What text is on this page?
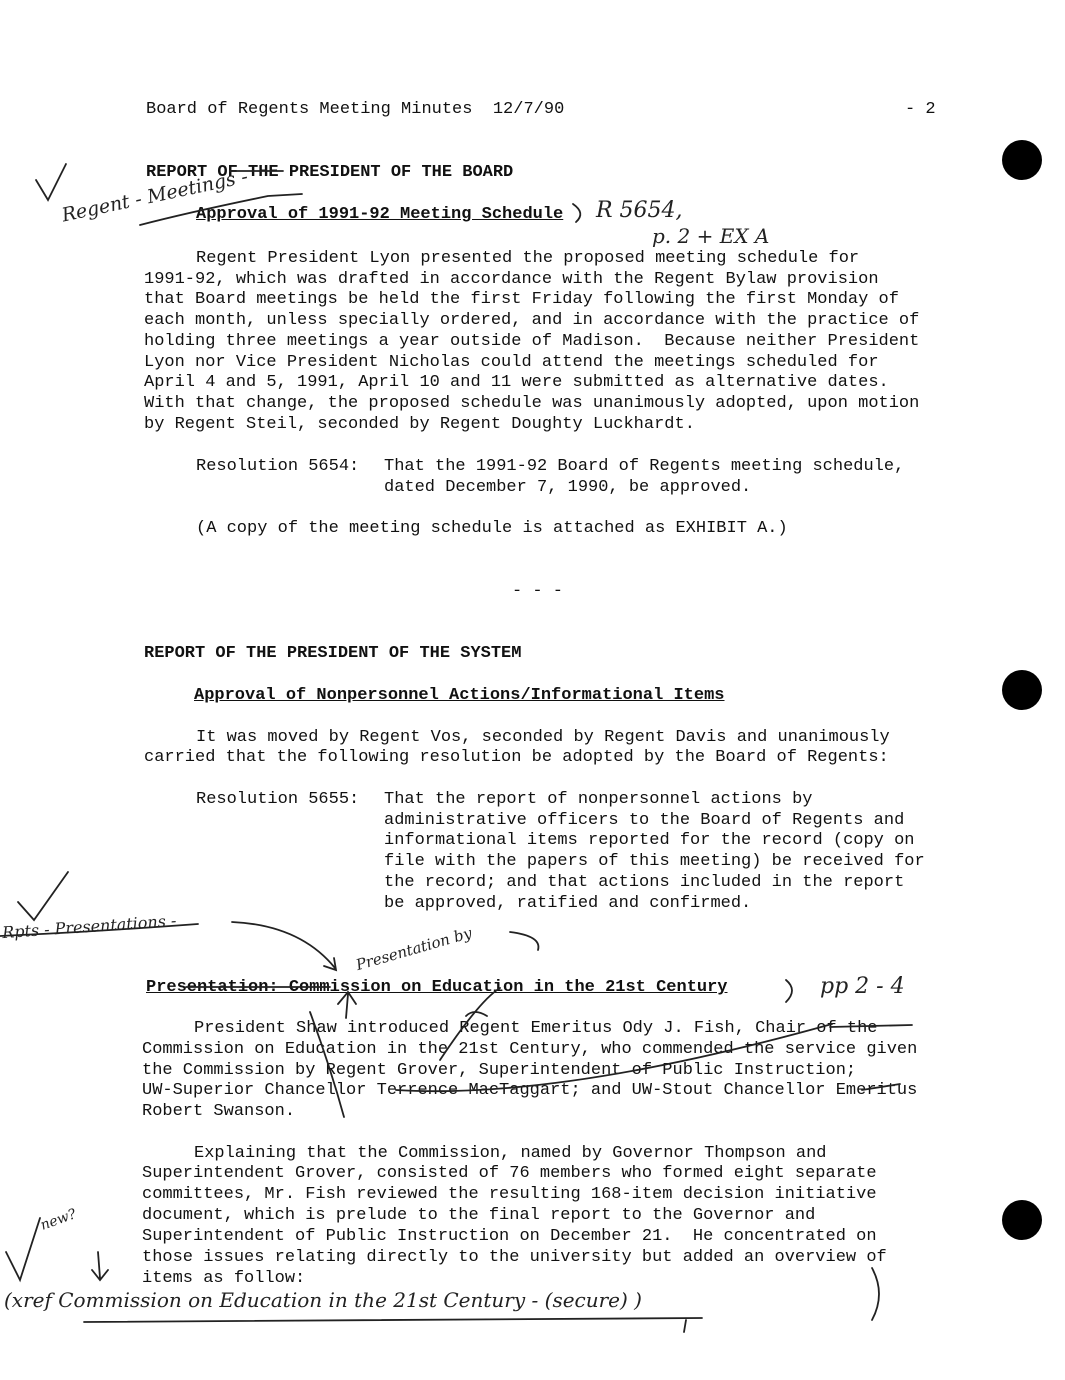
Board of Regents Meeting Minutes  12/7/90	- 2
REPORT OF THE PRESIDENT OF THE BOARD
Approval of 1991-92 Meeting Schedule
Regent President Lyon presented the proposed meeting schedule for
1991-92, which was drafted in accordance with the Regent Bylaw provision
that Board meetings be held the first Friday following the first Monday of
each month, unless specially ordered, and in accordance with the practice of
holding three meetings a year outside of Madison.  Because neither President
Lyon nor Vice President Nicholas could attend the meetings scheduled for
April 4 and 5, 1991, April 10 and 11 were submitted as alternative dates.
With that change, the proposed schedule was unanimously adopted, upon motion
by Regent Steil, seconded by Regent Doughty Luckhardt.
Resolution 5654: That the 1991-92 Board of Regents meeting schedule,
dated December 7, 1990, be approved.
(A copy of the meeting schedule is attached as EXHIBIT A.)
- - -
REPORT OF THE PRESIDENT OF THE SYSTEM
Approval of Nonpersonnel Actions/Informational Items
It was moved by Regent Vos, seconded by Regent Davis and unanimously
carried that the following resolution be adopted by the Board of Regents:
Resolution 5655: That the report of nonpersonnel actions by
administrative officers to the Board of Regents and
informational items reported for the record (copy on
file with the papers of this meeting) be received for
the record; and that actions included in the report
be approved, ratified and confirmed.
Presentation: Commission on Education in the 21st Century
President Shaw introduced Regent Emeritus Ody J. Fish, Chair of the
Commission on Education in the 21st Century, who commended the service given
the Commission by Regent Grover, Superintendent of Public Instruction;
UW-Superior Chancellor Terrence MacTaggart; and UW-Stout Chancellor Emeritus
Robert Swanson.
Explaining that the Commission, named by Governor Thompson and
Superintendent Grover, consisted of 76 members who formed eight separate
committees, Mr. Fish reviewed the resulting 168-item decision initiative
document, which is prelude to the final report to the Governor and
Superintendent of Public Instruction on December 21.  He concentrated on
those issues relating directly to the university but added an overview of
items as follow:
Regent - Meetings -	R 5654,
p. 2 + EX A
Rpts - Presentations -	Presentation by
pp 2 - 4
new?
(xref Commission on Education in the 21st Century - (secure) )
